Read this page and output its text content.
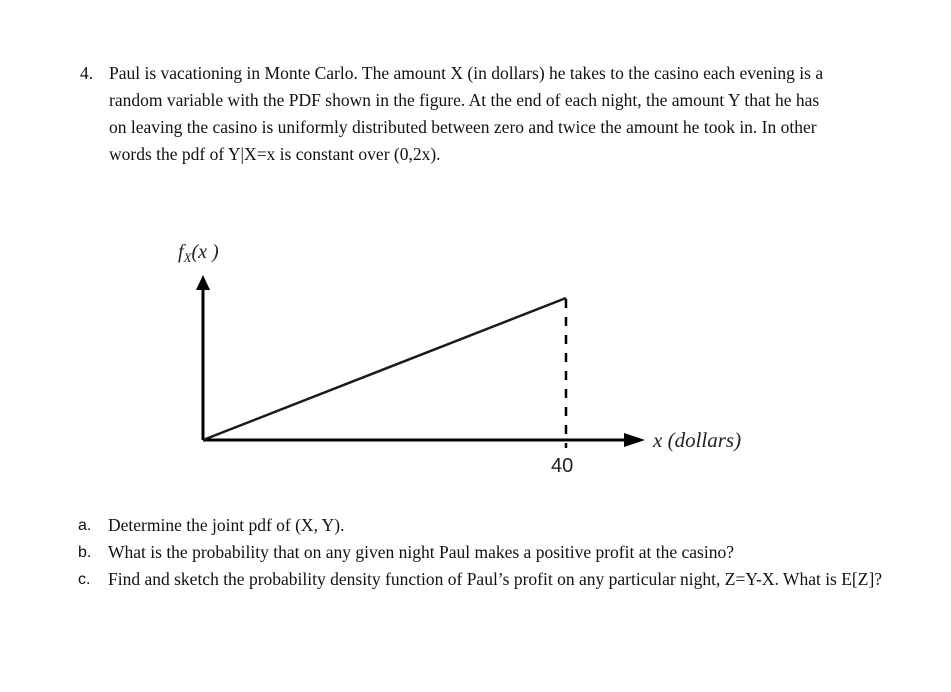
4. Paul is vacationing in Monte Carlo. The amount X (in dollars) he takes to the casino each evening is a random variable with the PDF shown in the figure. At the end of each night, the amount Y that he has on leaving the casino is uniformly distributed between zero and twice the amount he took in. In other words the pdf of Y|X=x is constant over (0,2x).
$f_X(x$ )
x (dollars)
40
a. Determine the joint pdf of (X, Y).
b. What is the probability that on any given night Paul makes a positive profit at the casino?
c. Find and sketch the probability density function of Paul’s profit on any particular night, Z=Y-X. What is E[Z]?
